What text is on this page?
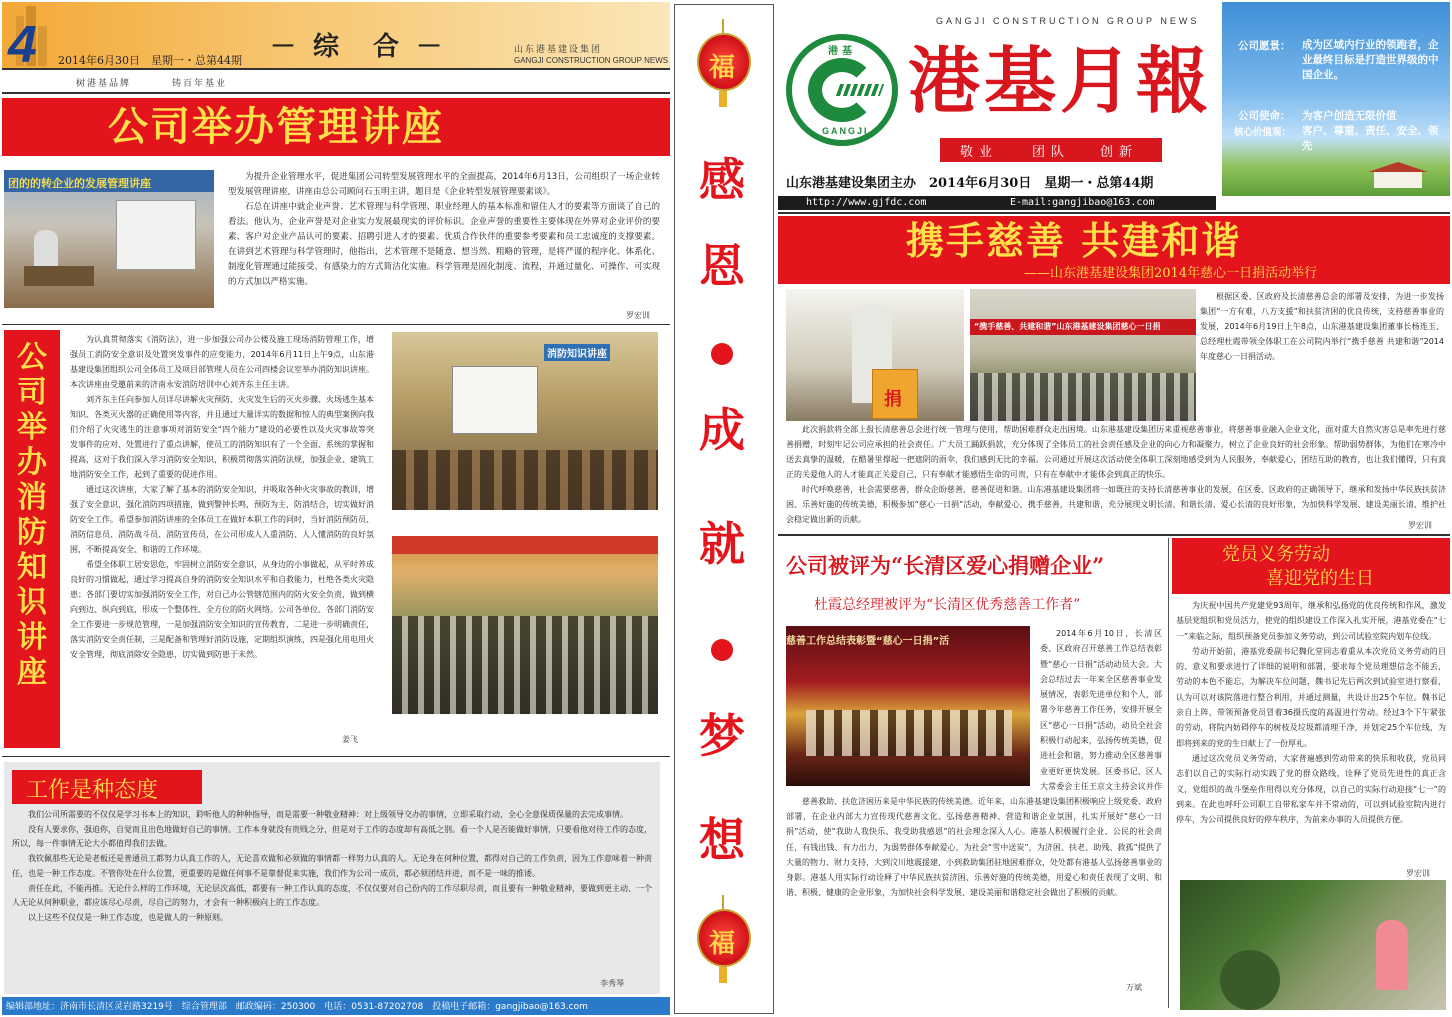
4 2014年6月30日　星期一・总第44期 － 综　合 －	山东港基建设集团
GANGJI CONSTRUCTION GROUP NEWS
树港基品牌	铸百年基业
公司举办管理讲座
团的的转企业的发展管理讲座	为提升企业管理水平，促进集团公司转型发展管理水平的全面提高，2014年6月13日，公司组织了一场企业转型发展管理讲座，讲座由总公司顾问石玉明主讲，题目是《企业转型发展管理要素谈》。

石总在讲座中就企业声誉、艺术管理与科学管理、职业经理人的基本标准和留住人才的要素等方面谈了自己的看法。他认为，企业声誉是对企业实力发展最现实的评价标识。企业声誉的重要性主要体现在外界对企业评价的要素、客户对企业产品认可的要素、招聘引进人才的要素、优质合作伙伴的重要参考要素和员工忠诚度的支撑要素。在讲到艺术管理与科学管理时，他指出，艺术管理不是随意、想当然、粗略的管理，是将严谨的程序化、体系化、制度化管理通过能接受、有感染力的方式简洁化实施。科学管理是固化制度、流程，并通过量化、可操作、可实现的方式加以严格实施。

罗宏训
公司举办消防知识讲座

为认真贯彻落实《消防法》，进一步加强公司办公楼及施工现场消防管理工作，增强员工消防安全意识及处置突发事件的应变能力，2014年6月11日上午9点，山东港基建设集团组织公司全体员工及项目部管理人员在公司四楼会议室举办消防知识讲座。本次讲座由受邀前来的济南永安消防培训中心刘齐东主任主讲。

刘齐东主任向参加人员详尽讲解火灾预防、火灾发生后的灭火步骤、火场逃生基本知识、各类灭火器的正确使用等内容，并且通过大量详实的数据和惊人的典型案例向我们介绍了火灾逃生的注意事项对消防安全“四个能力”建设的必要性以及火灾事故等突发事件的应对、处置进行了重点讲解，使员工的消防知识有了一个全面、系统的掌握和提高，这对于我们深入学习消防安全知识，积极贯彻落实消防法规，加强企业、建筑工地消防安全工作，起到了重要的促进作用。

通过这次讲座，大家了解了基本的消防安全知识，并吸取各种火灾事故的教训，增强了安全意识，强化消防四项措施，做到警钟长鸣，预防为主，防消结合，切实做好消防安全工作。希望参加消防讲座的全体员工在做好本职工作的同时，当好消防预防员、消防信息员、消防战斗员、消防宣传员，在公司形成人人重消防、人人懂消防的良好氛围，不断提高安全、和谐的工作环境。

希望全体职工居安思危，牢固树立消防安全意识，从身边的小事做起，从平时养成良好的习惯做起，通过学习提高自身的消防安全知识水平和自救能力，杜绝各类火灾隐患；各部门要切实加强消防安全工作，对自己办公管辖范围内的防火安全负责，做到横向到边、纵向到底，形成一个整体性、全方位的防火网络。公司各单位、各部门消防安全工作要进一步规范管理，一是加强消防安全知识的宣传教育，二是进一步明确责任，落实消防安全责任制，三是配备和管理好消防设施，定期组织演练，四是强化用电用火安全管理，彻底消除安全隐患，切实做到防患于未然。

消防知识讲座
姜飞
工作是种态度

我们公司所需要的不仅仅是学习书本上的知识，聆听他人的种种指导，而是需要一种敬业精神：对上级领导交办的事情，立即采取行动，全心全意保质保量的去完成事情。

没有人要求你，强迫你，自觉而且出色地做好自己的事情。工作本身就没有贵贱之分，但是对于工作的态度却有高低之别。看一个人是否能做好事情，只要看他对待工作的态度，所以，每一件事情无论大小都值得我们去做。

我钦佩那些无论是老板还是普通员工都努力认真工作的人，无论喜欢做和必须做的事情都一样努力认真的人。无论身在何种位置，都得对自己的工作负责，因为工作意味着一种责任，也是一种工作态度。不管你处在什么位置，更重要的是做任何事不是靠督促来实施，我们作为公司一成员，都必须团结并进，而不是一味的推诿。

责任在此，不能再推。无论什么样的工作环境，无论层次高低，都要有一种工作认真的态度，不仅仅要对自己份内的工作尽职尽责，而且要有一种敬业精神，要做到更主动、一个人无论从何种职业，都应该尽心尽责，尽自己的努力，才会有一种积极向上的工作态度。

以上这些不仅仅是一种工作态度，也是做人的一种原则。

李秀琴
编辑部地址：济南市长清区灵岩路3219号　综合管理部　邮政编码：250300　电话：0531-87202708　投稿电子邮箱：gangjibao@163.com
福
感
恩
成
就
梦
想
福
GANGJI CONSTRUCTION GROUP NEWS
港基
GANGJI
港基月報
敬业	团队 创新
山东港基建设集团主办　2014年6月30日　星期一・总第44期
http://www.gjfdc.com	E-mail:gangjibao@163.com
公司愿景： 成为区域内行业的领跑者，企业最终目标是打造世界级的中国企业。
公司使命： 为客户创造无限价值
核心价值观： 客户、尊重、责任、安全、领先
携手慈善 共建和谐
——山东港基建设集团2014年慈心一日捐活动举行
捐
“携手慈善、共建和谐”山东港基建设集团慈心一日捐

根据区委、区政府及长清慈善总会的部署及安排，为进一步发扬集团“一方有难，八方支援”和扶贫济困的优良传统，支持慈善事业的发展，2014年6月19日上午8点，山东港基建设集团董事长杨连玉、总经理杜霞带领全体职工在公司院内举行“携手慈善 共建和谐”2014年度慈心一日捐活动。

此次捐款将全部上报长清慈善总会进行统一管理与使用，帮助困难群众走出困境。山东港基建设集团历来重视慈善事业，将慈善事业融入企业文化，面对重大自然灾害总是率先进行慈善捐赠，时刻牢记公司应承担的社会责任。广大员工踊跃捐款，充分体现了全体员工的社会责任感及企业的向心力和凝聚力，树立了企业良好的社会形象。帮助弱势群体，为他们在寒冷中送去真挚的温暖，在酷暑里撑起一把遮阴的雨伞，我们感到无比的幸福。公司通过开展这次活动使全体职工深刻地感受到为人民服务，奉献爱心，团结互助的教育，也让我们懂得，只有真正的关爱他人的人才能真正关爱自己，只有奉献才能感悟生命的可贵，只有在奉献中才能体会到真正的快乐。

时代呼唤慈善，社会需要慈善，群众企盼慈善，慈善促进和谐。山东港基建设集团将一如既往的支持长清慈善事业的发展，在区委、区政府的正确领导下，继承和发扬中华民族扶贫济困、乐善好施的传统美德，积极参加“慈心一日捐”活动，奉献爱心，携手慈善，共建和谐，充分展现文明长清、和谐长清、爱心长清的良好形象，为加快科学发展、建设美丽长清、维护社会稳定做出新的贡献。

罗宏训
公司被评为“长清区爱心捐赠企业”
杜霞总经理被评为“长清区优秀慈善工作者”
慈善工作总结表彰暨“慈心一日捐”活

2014年6月10日，长清区委、区政府召开慈善工作总结表彰暨“慈心一日捐”活动动员大会。大会总结过去一年来全区慈善事业发展情况，表彰先进单位和个人，部署今年慈善工作任务，安排开展全区“慈心一日捐”活动，动员全社会积极行动起来，弘扬传统美德，促进社会和谐，努力推动全区慈善事业更好更快发展。区委书记、区人大常委会主任王京文主持会议并作

慈善救助、扶危济困历来是中华民族的传统美德。近年来，山东港基建设集团积极响应上级党委、政府部署，在企业内部大力宣传现代慈善文化、弘扬慈善精神、营造和谐企业氛围，扎实开展好“慈心一日捐”活动，使“我助人我快乐、我受助我感恩”的社会理念深入人心。港基人积极履行企业、公民的社会责任，有钱出钱、有力出力，为弱势群体奉献爱心，为社会“雪中送炭”，为济困、扶老、助残、救孤”提供了大量的物力、财力支持，大到汶川地震援建，小到救助集团驻地困难群众，处处都有港基人弘扬慈善事业的身影。港基人用实际行动诠释了中华民族扶贫济困、乐善好施的传统美德，用爱心和责任表现了文明、和谐、积极、健康的企业形象，为加快社会科学发展、建设美丽和谐稳定社会做出了积极的贡献。

万斌
党员义务劳动
喜迎党的生日

为庆祝中国共产党建党93周年，继承和弘扬党的优良传统和作风，激发基层党组织和党员活力，使党的组织建设工作深入扎实开展，港基党委在“七一”来临之际，组织预备党员参加义务劳动，到公司试验室院内划车位线。

劳动开始前，港基党委副书记魏化堂同志着重从本次党员义务劳动的目的、意义和要求进行了详细的说明和部署，要求每个党员理想信念不能丢，劳动的本色不能忘，为解决车位问题，魏书记先后两次到试验室进行察看，认为可以对该院落进行整合利用，并通过测量，共设计出25个车位。魏书记亲自上阵，带领预备党员冒着36摄氏度的高温进行劳动。经过3个下午紧张的劳动，将院内妨碍停车的树枝及垃圾都清理干净，并划定25个车位线，为即将到来的党的生日献上了一份厚礼。

通过这次党员义务劳动，大家普遍感到劳动带来的快乐和收获，党员同志们以自己的实际行动实践了党的群众路线，诠释了党员先进性的真正含义，党组织的战斗堡垒作用得以充分体现，以自己的实际行动迎接“七一”的到来。在此也呼吁公司职工自带私家车并不常动的，可以到试验室院内进行停车，为公司提供良好的停车秩序，为前来办事的人员提供方便。

罗宏训
